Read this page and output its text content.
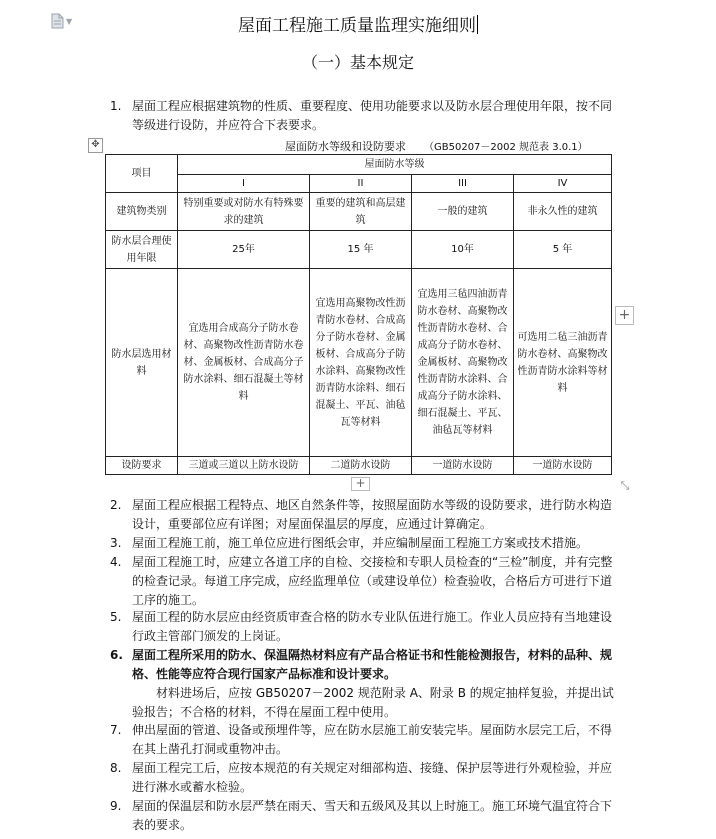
▼	屋面工程施工质量监理实施细则
（一）基本规定
1. 屋面工程应根据建筑物的性质、重要程度、使用功能要求以及防水层合理使用年限，按不同等级进行设防，并应符合下表要求。
✥	屋面防水等级和设防要求 （GB50207－2002 规范表 3.0.1）
项目	屋面防水等级			
	I	II	III	IV
建筑物类别	特别重要或对防水有特殊要求的建筑	重要的建筑和高层建筑	一般的建筑	非永久性的建筑
防水层合理使用年限	25年	15 年	10年	5 年
防水层选用材料	宜选用合成高分子防水卷材、高聚物改性沥青防水卷材、金属板材、合成高分子防水涂料、细石混凝土等材料	宜选用高聚物改性沥青防水卷材、合成高分子防水卷材、金属板材、合成高分子防水涂料、高聚物改性沥青防水涂料、细石混凝土、平瓦、油毡瓦等材料	宜选用三毡四油沥青防水卷材、高聚物改性沥青防水卷材、合成高分子防水卷材、金属板材、高聚物改性沥青防水涂料、合成高分子防水涂料、细石混凝土、平瓦、油毡瓦等材料	可选用二毡三油沥青防水卷材、高聚物改性沥青防水涂料等材料
设防要求	三道或三道以上防水设防	二道防水设防	一道防水设防	一道防水设防
+
+	⤡
2. 屋面工程应根据工程特点、地区自然条件等，按照屋面防水等级的设防要求，进行防水构造设计，重要部位应有详图；对屋面保温层的厚度，应通过计算确定。
3. 屋面工程施工前，施工单位应进行图纸会审，并应编制屋面工程施工方案或技术措施。
4. 屋面工程施工时，应建立各道工序的自检、交接检和专职人员检查的“三检”制度，并有完整的检查记录。每道工序完成，应经监理单位（或建设单位）检查验收，合格后方可进行下道工序的施工。
5. 屋面工程的防水层应由经资质审查合格的防水专业队伍进行施工。作业人员应持有当地建设行政主管部门颁发的上岗证。
6. 屋面工程所采用的防水、保温隔热材料应有产品合格证书和性能检测报告，材料的品种、规格、性能等应符合现行国家产品标准和设计要求。
材料进场后，应按 GB50207－2002 规范附录 A、附录 B 的规定抽样复验，并提出试验报告；不合格的材料，不得在屋面工程中使用。
7. 伸出屋面的管道、设备或预埋件等，应在防水层施工前安装完毕。屋面防水层完工后，不得在其上凿孔打洞或重物冲击。
8. 屋面工程完工后，应按本规范的有关规定对细部构造、接缝、保护层等进行外观检验，并应进行淋水或蓄水检验。
9. 屋面的保温层和防水层严禁在雨天、雪天和五级风及其以上时施工。施工环境气温宜符合下表的要求。
